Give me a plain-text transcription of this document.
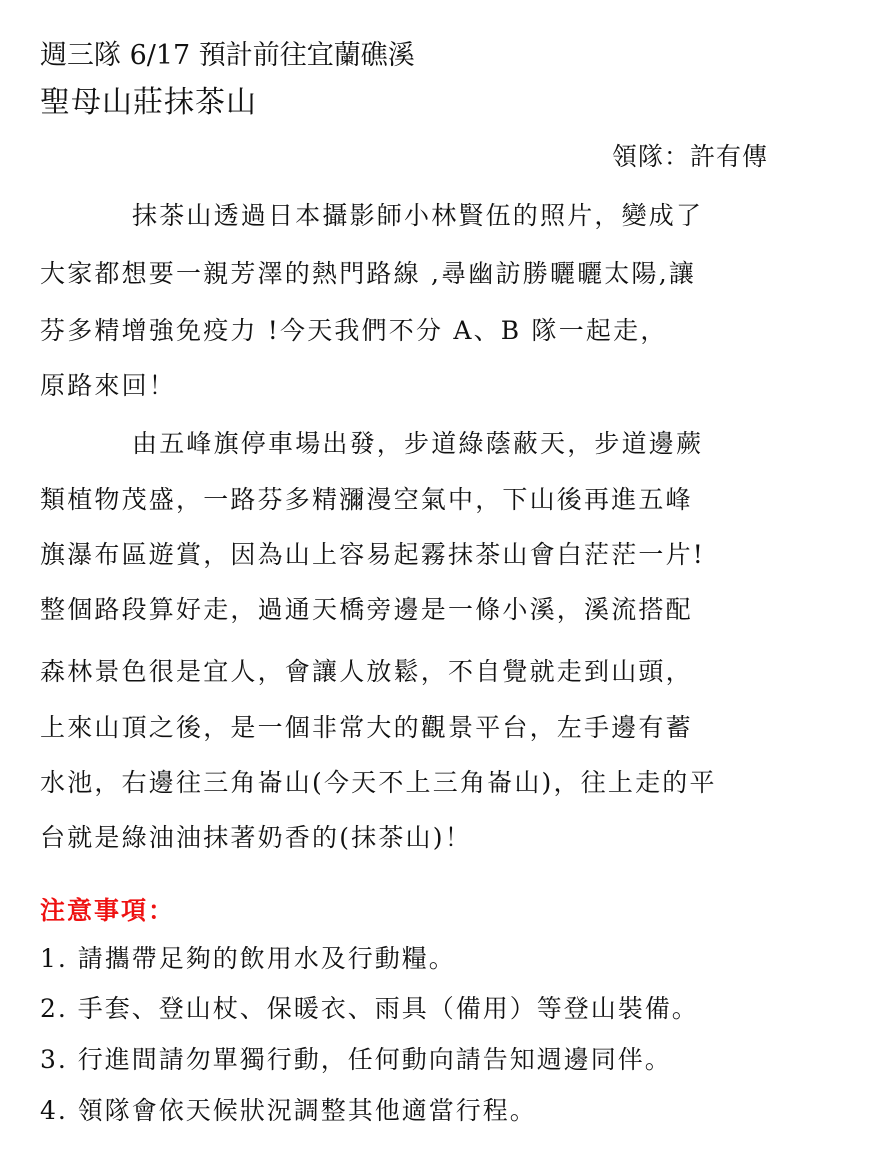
週三隊 6/17 預計前往宜蘭礁溪
聖母山莊抹茶山
領隊：許有傳
抹茶山透過日本攝影師小林賢伍的照片，變成了
大家都想要一親芳澤的熱門路線 ,尋幽訪勝曬曬太陽,讓
芬多精增強免疫力 !今天我們不分 A、B 隊一起走，
原路來回！
由五峰旗停車場出發，步道綠蔭蔽天，步道邊蕨
類植物茂盛，一路芬多精瀰漫空氣中，下山後再進五峰
旗瀑布區遊賞，因為山上容易起霧抹茶山會白茫茫一片!
整個路段算好走，過通天橋旁邊是一條小溪，溪流搭配
森林景色很是宜人，會讓人放鬆，不自覺就走到山頭，
上來山頂之後，是一個非常大的觀景平台，左手邊有蓄
水池，右邊往三角崙山(今天不上三角崙山)，往上走的平
台就是綠油油抹著奶香的(抹茶山)！
注意事項：
1. 請攜帶足夠的飲用水及行動糧。
2. 手套、登山杖、保暖衣、雨具（備用）等登山裝備。
3. 行進間請勿單獨行動，任何動向請告知週邊同伴。
4. 領隊會依天候狀況調整其他適當行程。
